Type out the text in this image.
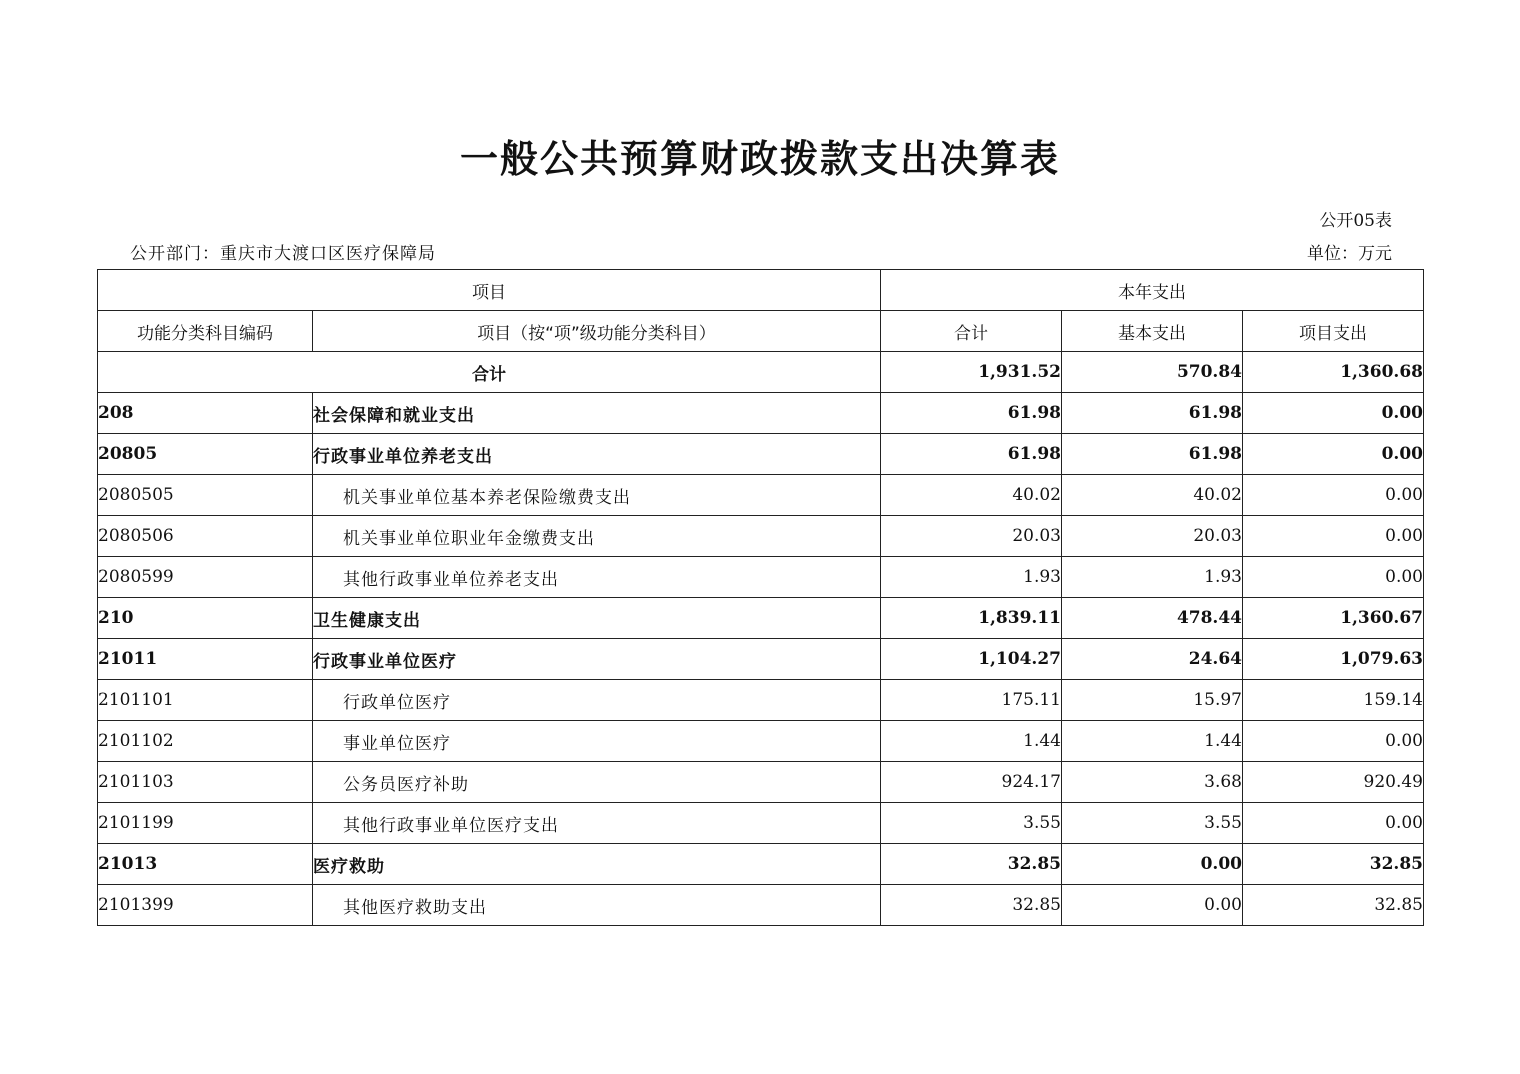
一般公共预算财政拨款支出决算表
公开05表
公开部门：重庆市大渡口区医疗保障局	单位：万元
项目		本年支出		
功能分类科目编码	项目（按“项”级功能分类科目）	合计	基本支出	项目支出
合计		1,931.52	570.84	1,360.68
208	社会保障和就业支出	61.98	61.98	0.00
20805	行政事业单位养老支出	61.98	61.98	0.00
2080505	机关事业单位基本养老保险缴费支出	40.02	40.02	0.00
2080506	机关事业单位职业年金缴费支出	20.03	20.03	0.00
2080599	其他行政事业单位养老支出	1.93	1.93	0.00
210	卫生健康支出	1,839.11	478.44	1,360.67
21011	行政事业单位医疗	1,104.27	24.64	1,079.63
2101101	行政单位医疗	175.11	15.97	159.14
2101102	事业单位医疗	1.44	1.44	0.00
2101103	公务员医疗补助	924.17	3.68	920.49
2101199	其他行政事业单位医疗支出	3.55	3.55	0.00
21013	医疗救助	32.85	0.00	32.85
2101399	其他医疗救助支出	32.85	0.00	32.85
